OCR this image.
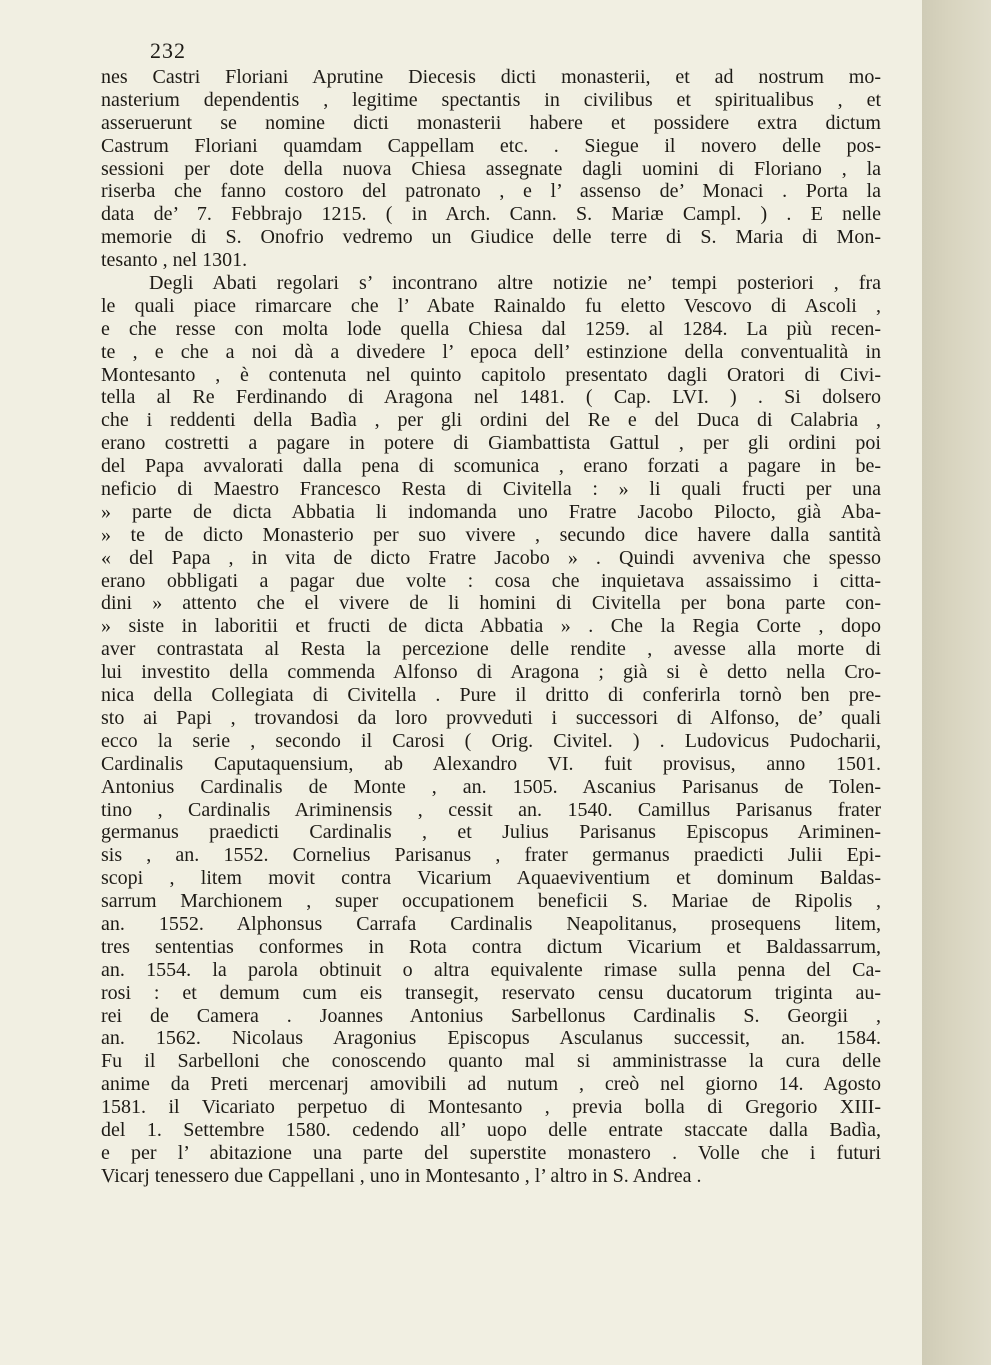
232
nes Castri Floriani Aprutine Diecesis dicti monasterii, et ad nostrum mo-
nasterium dependentis , legitime spectantis in civilibus et spiritualibus , et
asseruerunt se nomine dicti monasterii habere et possidere extra dictum
Castrum Floriani quamdam Cappellam etc. . Siegue il novero delle pos-
sessioni per dote della nuova Chiesa assegnate dagli uomini di Floriano , la
riserba che fanno costoro del patronato , e l’ assenso de’ Monaci . Porta la
data de’ 7. Febbrajo 1215. ( in Arch. Cann. S. Mariæ Campl. ) . E nelle
memorie di S. Onofrio vedremo un Giudice delle terre di S. Maria di Mon-
tesanto , nel 1301.
Degli Abati regolari s’ incontrano altre notizie ne’ tempi posteriori , fra
le quali piace rimarcare che l’ Abate Rainaldo fu eletto Vescovo di Ascoli ,
e che resse con molta lode quella Chiesa dal 1259. al 1284. La più recen-
te , e che a noi dà a divedere l’ epoca dell’ estinzione della conventualità in
Montesanto , è contenuta nel quinto capitolo presentato dagli Oratori di Civi-
tella al Re Ferdinando di Aragona nel 1481. ( Cap. LVI. ) . Si dolsero
che i reddenti della Badìa , per gli ordini del Re e del Duca di Calabria ,
erano costretti a pagare in potere di Giambattista Gattul , per gli ordini poi
del Papa avvalorati dalla pena di scomunica , erano forzati a pagare in be-
neficio di Maestro Francesco Resta di Civitella : » li quali fructi per una
» parte de dicta Abbatia li indomanda uno Fratre Jacobo Pilocto, già Aba-
» te de dicto Monasterio per suo vivere , secundo dice havere dalla santità
« del Papa , in vita de dicto Fratre Jacobo » . Quindi avveniva che spesso
erano obbligati a pagar due volte : cosa che inquietava assaissimo i citta-
dini » attento che el vivere de li homini di Civitella per bona parte con-
» siste in laboritii et fructi de dicta Abbatia » . Che la Regia Corte , dopo
aver contrastata al Resta la percezione delle rendite , avesse alla morte di
lui investito della commenda Alfonso di Aragona ; già si è detto nella Cro-
nica della Collegiata di Civitella . Pure il dritto di conferirla tornò ben pre-
sto ai Papi , trovandosi da loro provveduti i successori di Alfonso, de’ quali
ecco la serie , secondo il Carosi ( Orig. Civitel. ) . Ludovicus Pudocharii,
Cardinalis Caputaquensium, ab Alexandro VI. fuit provisus, anno 1501.
Antonius Cardinalis de Monte , an. 1505. Ascanius Parisanus de Tolen-
tino , Cardinalis Ariminensis , cessit an. 1540. Camillus Parisanus frater
germanus praedicti Cardinalis , et Julius Parisanus Episcopus Ariminen-
sis , an. 1552. Cornelius Parisanus , frater germanus praedicti Julii Epi-
scopi , litem movit contra Vicarium Aquaeviventium et dominum Baldas-
sarrum Marchionem , super occupationem beneficii S. Mariae de Ripolis ,
an. 1552. Alphonsus Carrafa Cardinalis Neapolitanus, prosequens litem,
tres sententias conformes in Rota contra dictum Vicarium et Baldassarrum,
an. 1554. la parola obtinuit o altra equivalente rimase sulla penna del Ca-
rosi : et demum cum eis transegit, reservato censu ducatorum triginta au-
rei de Camera . Joannes Antonius Sarbellonus Cardinalis S. Georgii ,
an. 1562. Nicolaus Aragonius Episcopus Asculanus successit, an. 1584.
Fu il Sarbelloni che conoscendo quanto mal si amministrasse la cura delle
anime da Preti mercenarj amovibili ad nutum , creò nel giorno 14. Agosto
1581. il Vicariato perpetuo di Montesanto , previa bolla di Gregorio XIII-
del 1. Settembre 1580. cedendo all’ uopo delle entrate staccate dalla Badìa,
e per l’ abitazione una parte del superstite monastero . Volle che i futuri
Vicarj tenessero due Cappellani , uno in Montesanto , l’ altro in S. Andrea .
